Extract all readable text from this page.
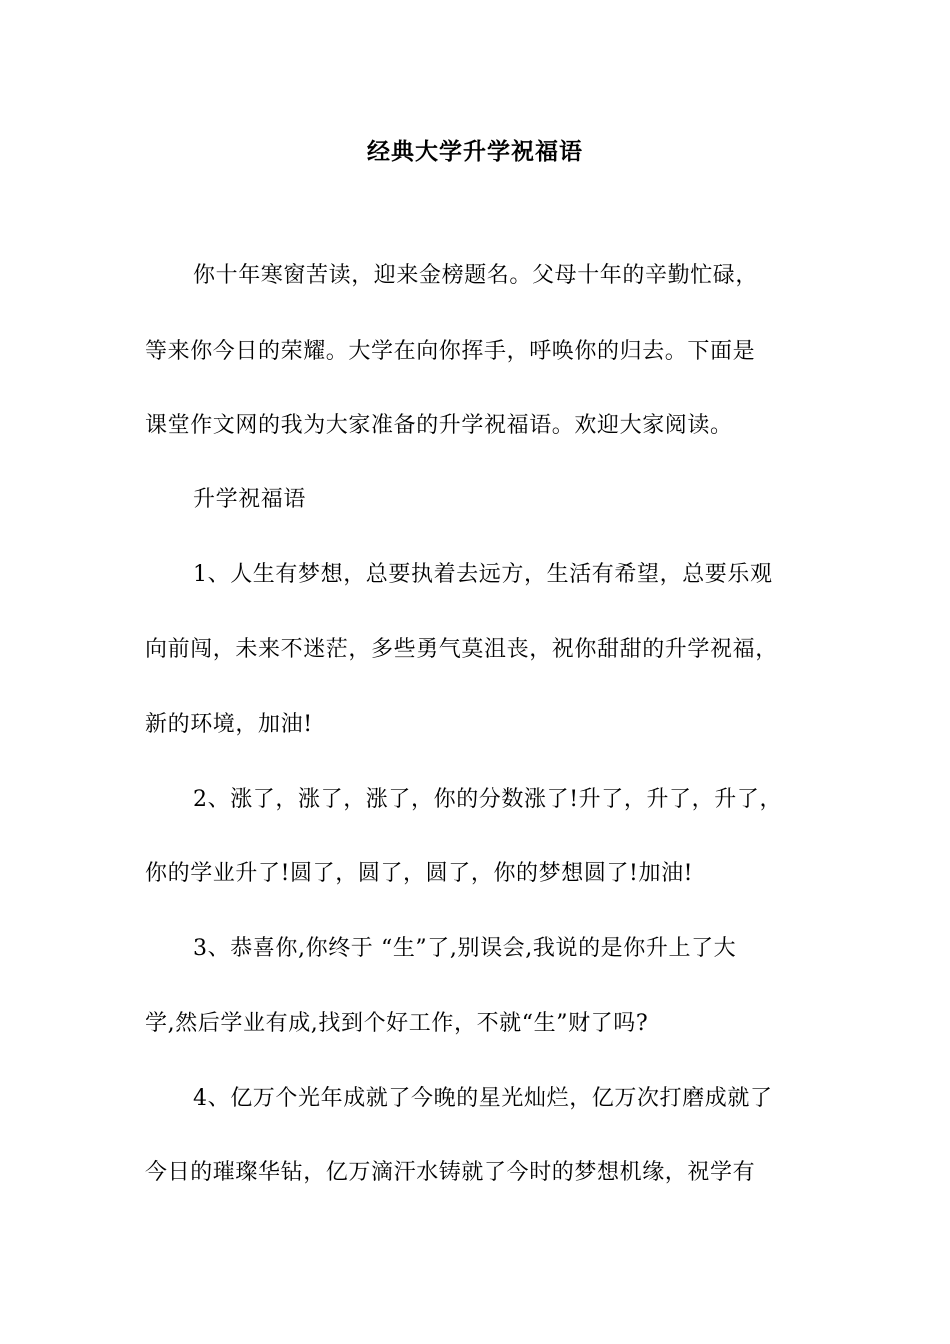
经典大学升学祝福语
你十年寒窗苦读，迎来金榜题名。父母十年的辛勤忙碌，
等来你今日的荣耀。大学在向你挥手，呼唤你的归去。下面是
课堂作文网的我为大家准备的升学祝福语。欢迎大家阅读。
升学祝福语
1、人生有梦想，总要执着去远方，生活有希望，总要乐观
向前闯，未来不迷茫，多些勇气莫沮丧，祝你甜甜的升学祝福，
新的环境，加油!
2、涨了，涨了，涨了，你的分数涨了!升了，升了，升了，
你的学业升了!圆了，圆了，圆了，你的梦想圆了!加油!
3、恭喜你,你终于 “生”了,别误会,我说的是你升上了大
学,然后学业有成,找到个好工作，不就“生”财了吗?
4、亿万个光年成就了今晚的星光灿烂，亿万次打磨成就了
今日的璀璨华钻，亿万滴汗水铸就了今时的梦想机缘，祝学有
